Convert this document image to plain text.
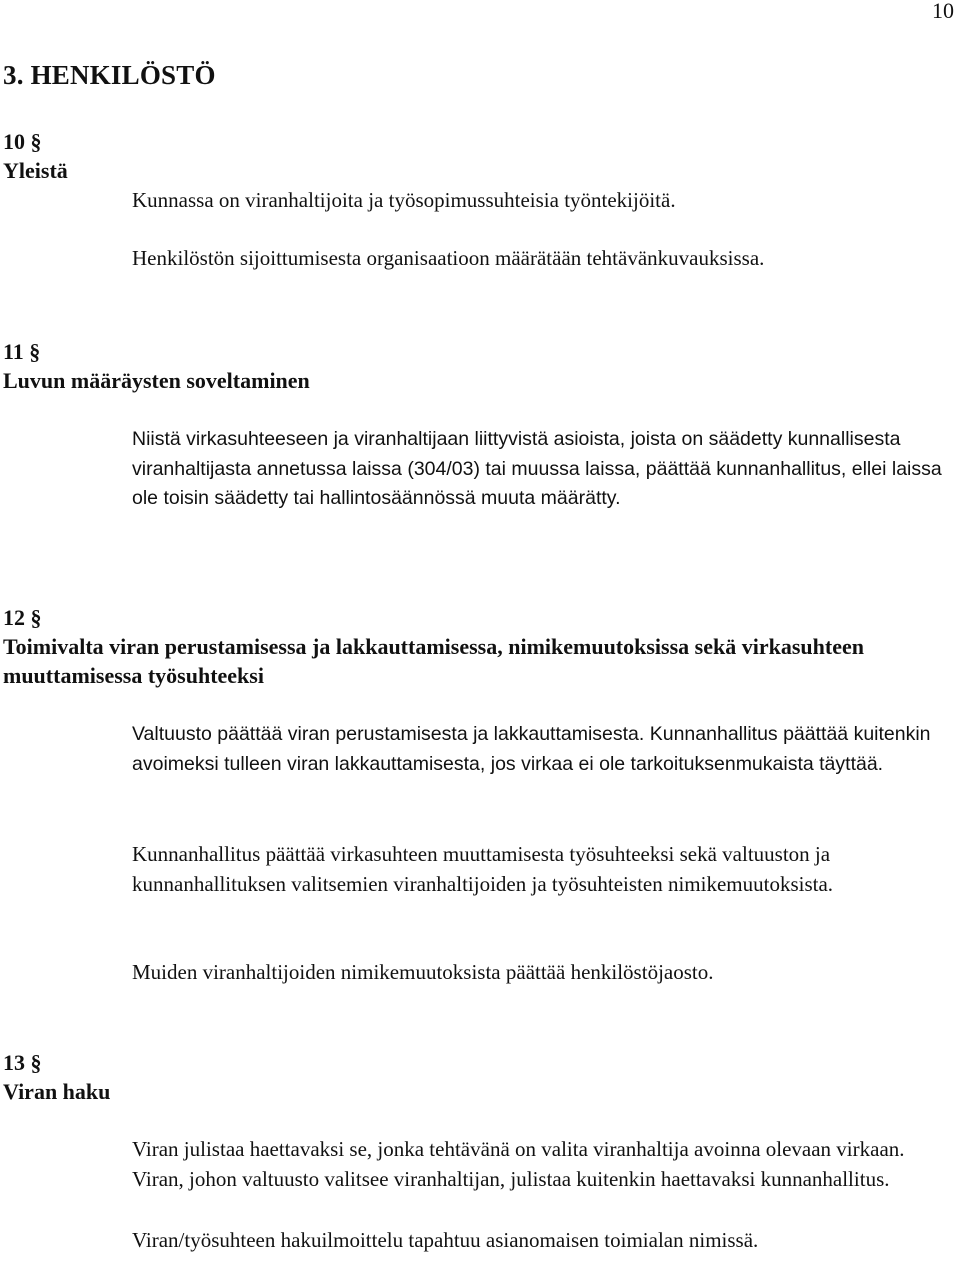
10
3. HENKILÖSTÖ
10 §
Yleistä
Kunnassa on viranhaltijoita ja työsopimussuhteisia työntekijöitä.
Henkilöstön sijoittumisesta organisaatioon määrätään tehtävänkuvauksissa.
11 §
Luvun määräysten soveltaminen
Niistä virkasuhteeseen ja viranhaltijaan liittyvistä asioista, joista on säädetty kunnallisesta viranhaltijasta annetussa laissa (304/03) tai muussa laissa, päättää kunnanhallitus, ellei laissa ole toisin säädetty tai hallintosäännössä muuta määrätty.
12 §
Toimivalta viran perustamisessa ja lakkauttamisessa, nimikemuutoksissa sekä virkasuhteen muuttamisessa työsuhteeksi
Valtuusto päättää viran perustamisesta ja lakkauttamisesta. Kunnanhallitus päättää kuitenkin avoimeksi tulleen viran lakkauttamisesta, jos virkaa ei ole tarkoituksenmukaista täyttää.
Kunnanhallitus päättää virkasuhteen muuttamisesta työsuhteeksi sekä valtuuston ja kunnanhallituksen valitsemien viranhaltijoiden ja työsuhteisten nimikemuutoksista.
Muiden viranhaltijoiden nimikemuutoksista päättää henkilöstöjaosto.
13 §
Viran haku
Viran julistaa haettavaksi se, jonka tehtävänä on valita viranhaltija avoinna olevaan virkaan. Viran, johon valtuusto valitsee viranhaltijan, julistaa kuitenkin haettavaksi kunnanhallitus.
Viran/työsuhteen hakuilmoittelu tapahtuu asianomaisen toimialan nimissä.
